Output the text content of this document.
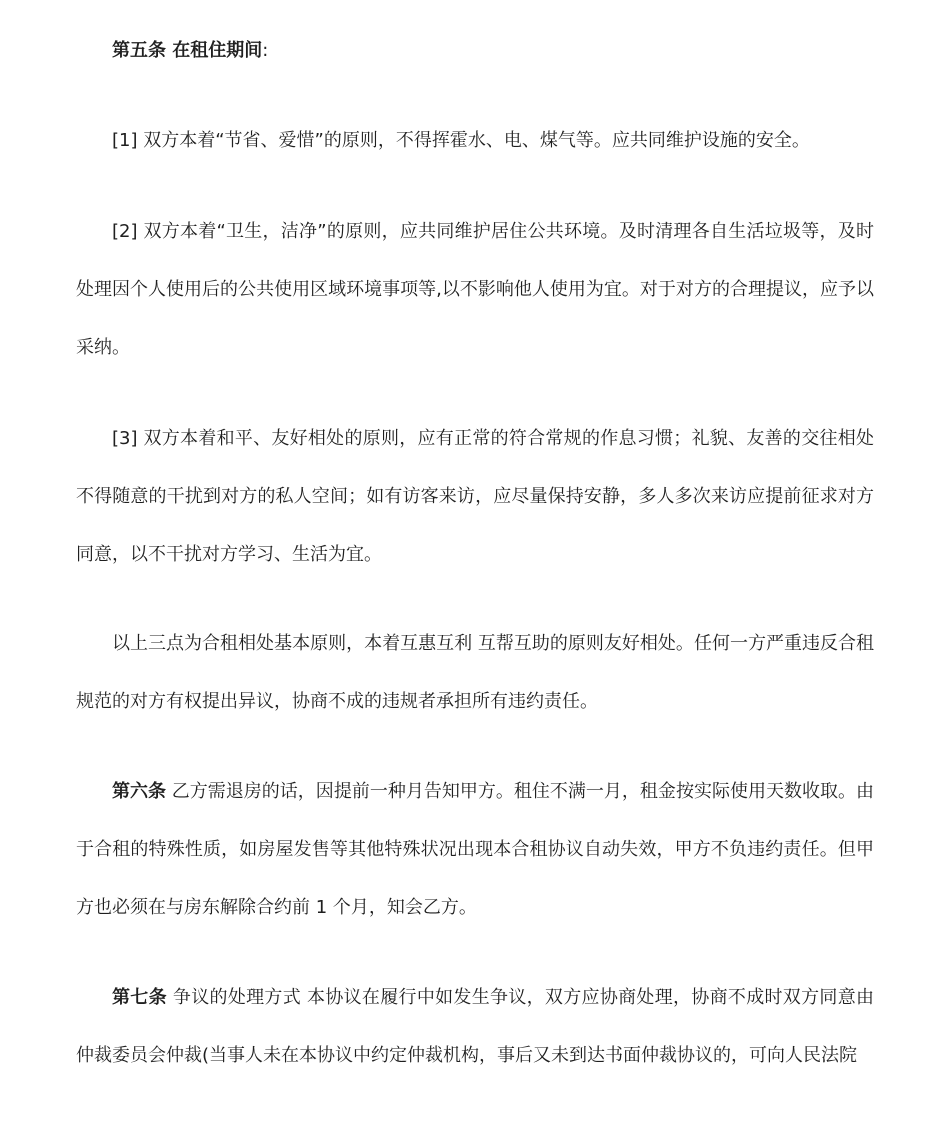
第五条 在租住期间:

[1] 双方本着“节省、爱惜”的原则，不得挥霍水、电、煤气等。应共同维护设施的安全。

[2] 双方本着“卫生，洁净”的原则，应共同维护居住公共环境。及时清理各自生活垃圾等，及时处理因个人使用后的公共使用区域环境事项等,以不影响他人使用为宜。对于对方的合理提议，应予以采纳。

[3] 双方本着和平、友好相处的原则，应有正常的符合常规的作息习惯；礼貌、友善的交往相处不得随意的干扰到对方的私人空间；如有访客来访，应尽量保持安静，多人多次来访应提前征求对方同意，以不干扰对方学习、生活为宜。

以上三点为合租相处基本原则，本着互惠互利 互帮互助的原则友好相处。任何一方严重违反合租规范的对方有权提出异议，协商不成的违规者承担所有违约责任。

第六条 乙方需退房的话，因提前一种月告知甲方。租住不满一月，租金按实际使用天数收取。由于合租的特殊性质，如房屋发售等其他特殊状况出现本合租协议自动失效，甲方不负违约责任。但甲方也必须在与房东解除合约前 1 个月，知会乙方。

第七条 争议的处理方式 本协议在履行中如发生争议，双方应协商处理，协商不成时双方同意由仲裁委员会仲裁(当事人未在本协议中约定仲裁机构，事后又未到达书面仲裁协议的，可向人民法院
